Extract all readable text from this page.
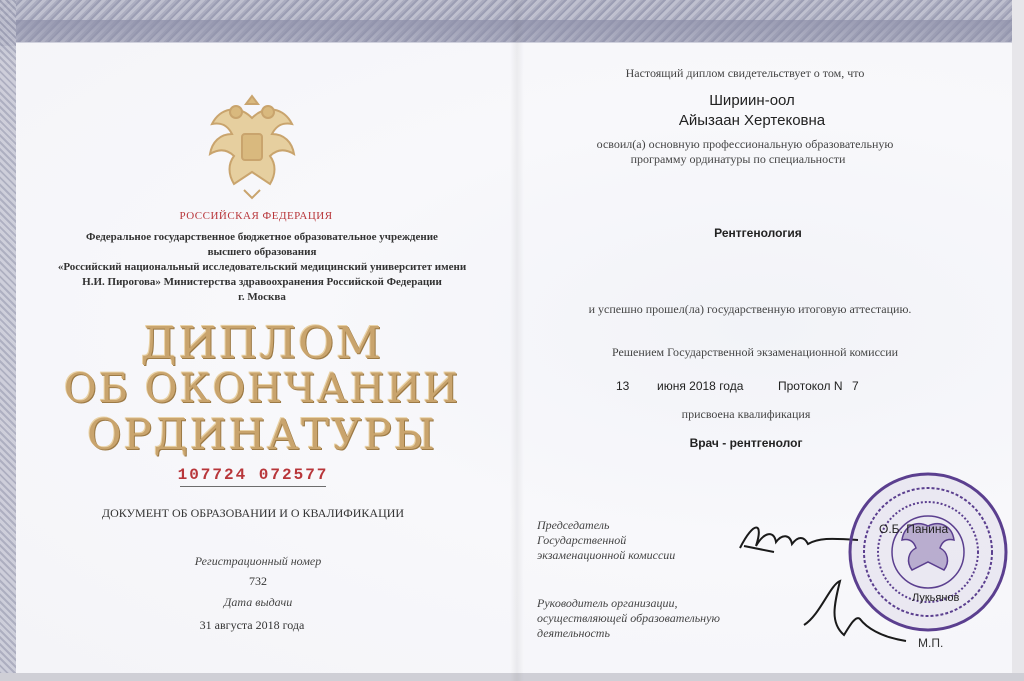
РОССИЙСКАЯ ФЕДЕРАЦИЯ
Федеральное государственное бюджетное образовательное учреждение
высшего образования
«Российский национальный исследовательский медицинский университет имени
Н.И. Пирогова» Министерства здравоохранения Российской Федерации
г. Москва
ДИПЛОМ
ОБ ОКОНЧАНИИ
ОРДИНАТУРЫ
107724 072577
ДОКУМЕНТ ОБ ОБРАЗОВАНИИ И О КВАЛИФИКАЦИИ
Регистрационный номер
732
Дата выдачи
31 августа 2018 года
Настоящий диплом свидетельствует о том, что
Шириин-оол
Айызаан Хертековна
освоил(а) основную профессиональную образовательную
программу ординатуры по специальности
Рентгенология
и успешно прошел(ла) государственную итоговую аттестацию.
Решением Государственной экзаменационной комиссии
13 июня 2018 года	Протокол N 7
присвоена квалификация
Врач - рентгенолог
Председатель
Государственной
экзаменационной комиссии
Руководитель организации,
осуществляющей образовательную
деятельность
О.Б. Панина
Лукьянов
М.П.
